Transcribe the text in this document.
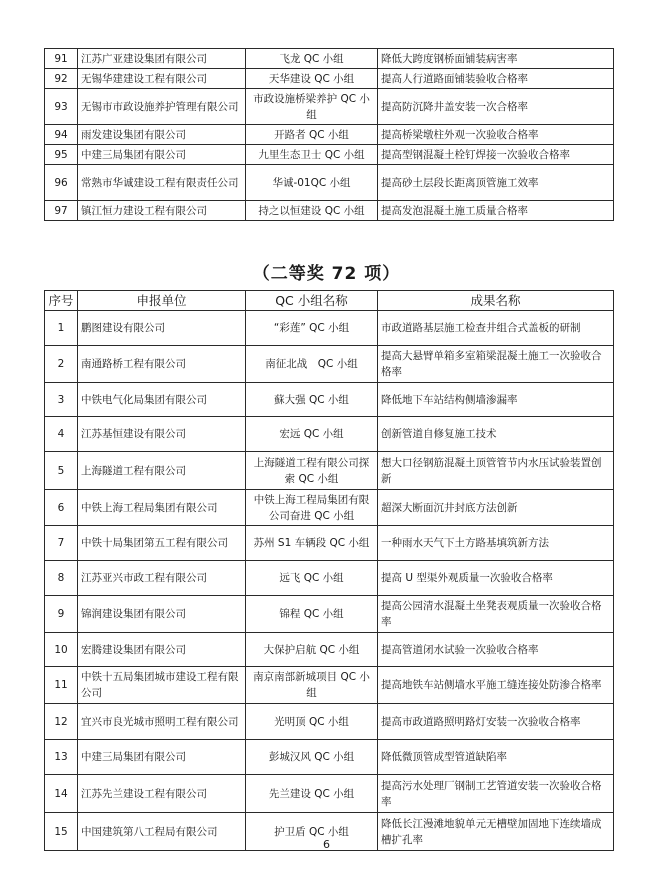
91	江苏广亚建设集团有限公司	飞龙 QC 小组	降低大跨度钢桥面铺装病害率
92	无锡华建建设工程有限公司	天华建设 QC 小组	提高人行道路面铺装验收合格率
93	无锡市市政设施养护管理有限公司	市政设施桥梁养护 QC 小组	提高防沉降井盖安装一次合格率
94	雨发建设集团有限公司	开路者 QC 小组	提高桥梁墩柱外观一次验收合格率
95	中建三局集团有限公司	九里生态卫士 QC 小组	提高型钢混凝土栓钉焊接一次验收合格率
96	常熟市华诚建设工程有限责任公司	华诚-01QC 小组	提高砂土层段长距离顶管施工效率
97	镇江恒力建设工程有限公司	持之以恒建设 QC 小组	提高发泡混凝土施工质量合格率
（二等奖 72 项）
序号	申报单位	QC 小组名称	成果名称
1	鹏图建设有限公司	“彩莲” QC 小组	市政道路基层施工检查井组合式盖板的研制
2	南通路桥工程有限公司	南征北战　QC 小组	提高大悬臂单箱多室箱梁混凝土施工一次验收合格率
3	中铁电气化局集团有限公司	蘇大强 QC 小组	降低地下车站结构侧墙渗漏率
4	江苏基恒建设有限公司	宏远 QC 小组	创新管道自修复施工技术
5	上海隧道工程有限公司	上海隧道工程有限公司探索 QC 小组	想大口径钢筋混凝土顶管管节内水压试验装置创新
6	中铁上海工程局集团有限公司	中铁上海工程局集团有限公司奋进 QC 小组	超深大断面沉井封底方法创新
7	中铁十局集团第五工程有限公司	苏州 S1 车辆段 QC 小组	一种雨水天气下土方路基填筑新方法
8	江苏亚兴市政工程有限公司	远飞 QC 小组	提高 U 型渠外观质量一次验收合格率
9	锦润建设集团有限公司	锦程 QC 小组	提高公园清水混凝土坐凳表观质量一次验收合格率
10	宏腾建设集团有限公司	大保护启航 QC 小组	提高管道闭水试验一次验收合格率
11	中铁十五局集团城市建设工程有限公司	南京南部新城项目 QC 小组	提高地铁车站侧墙水平施工缝连接处防渗合格率
12	宜兴市良光城市照明工程有限公司	光明顶 QC 小组	提高市政道路照明路灯安装一次验收合格率
13	中建三局集团有限公司	彭城汉风 QC 小组	降低微顶管成型管道缺陷率
14	江苏先兰建设工程有限公司	先兰建设 QC 小组	提高污水处理厂钢制工艺管道安装一次验收合格率
15	中国建筑第八工程局有限公司	护卫盾 QC 小组	降低长江漫滩地貌单元无槽壁加固地下连续墙成槽扩孔率
6
